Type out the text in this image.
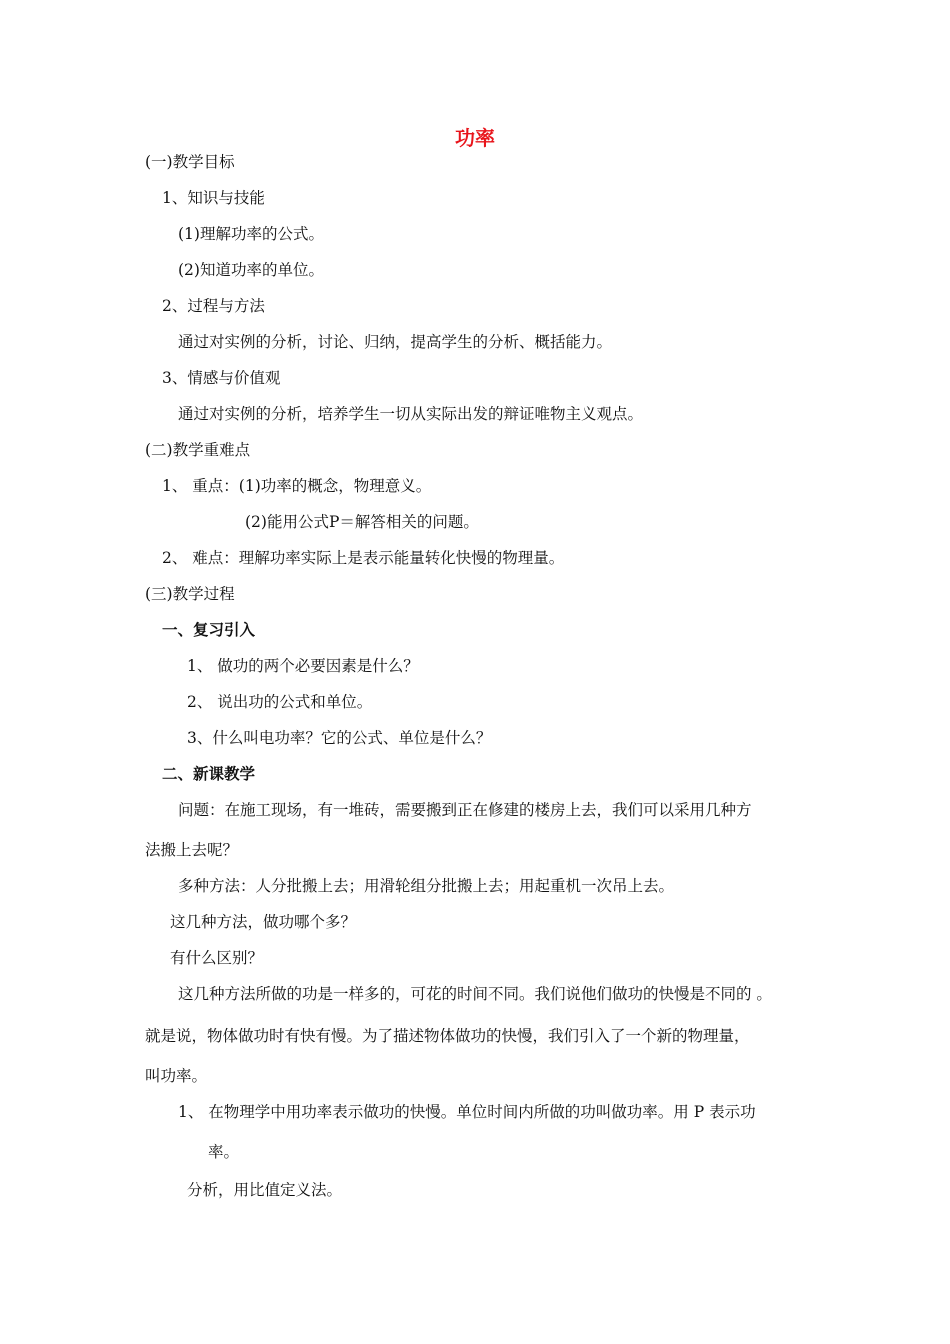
功率
(一)教学目标
1、知识与技能
(1)理解功率的公式。
(2)知道功率的单位。
2、过程与方法
通过对实例的分析，讨论、归纳，提高学生的分析、概括能力。
3、情感与价值观
通过对实例的分析，培养学生一切从实际出发的辩证唯物主义观点。
(二)教学重难点
1、 重点：(1)功率的概念，物理意义。
(2)能用公式P＝解答相关的问题。
2、 难点：理解功率实际上是表示能量转化快慢的物理量。
(三)教学过程
一、复习引入
1、 做功的两个必要因素是什么？
2、 说出功的公式和单位。
3、什么叫电功率？它的公式、单位是什么？
二、新课教学
问题：在施工现场，有一堆砖，需要搬到正在修建的楼房上去，我们可以采用几种方
法搬上去呢？
多种方法：人分批搬上去；用滑轮组分批搬上去；用起重机一次吊上去。
这几种方法，做功哪个多？
有什么区别？
这几种方法所做的功是一样多的，可花的时间不同。我们说他们做功的快慢是不同的 。
就是说，物体做功时有快有慢。为了描述物体做功的快慢，我们引入了一个新的物理量，
叫功率。
1、 在物理学中用功率表示做功的快慢。单位时间内所做的功叫做功率。用 P 表示功
率。
分析，用比值定义法。
